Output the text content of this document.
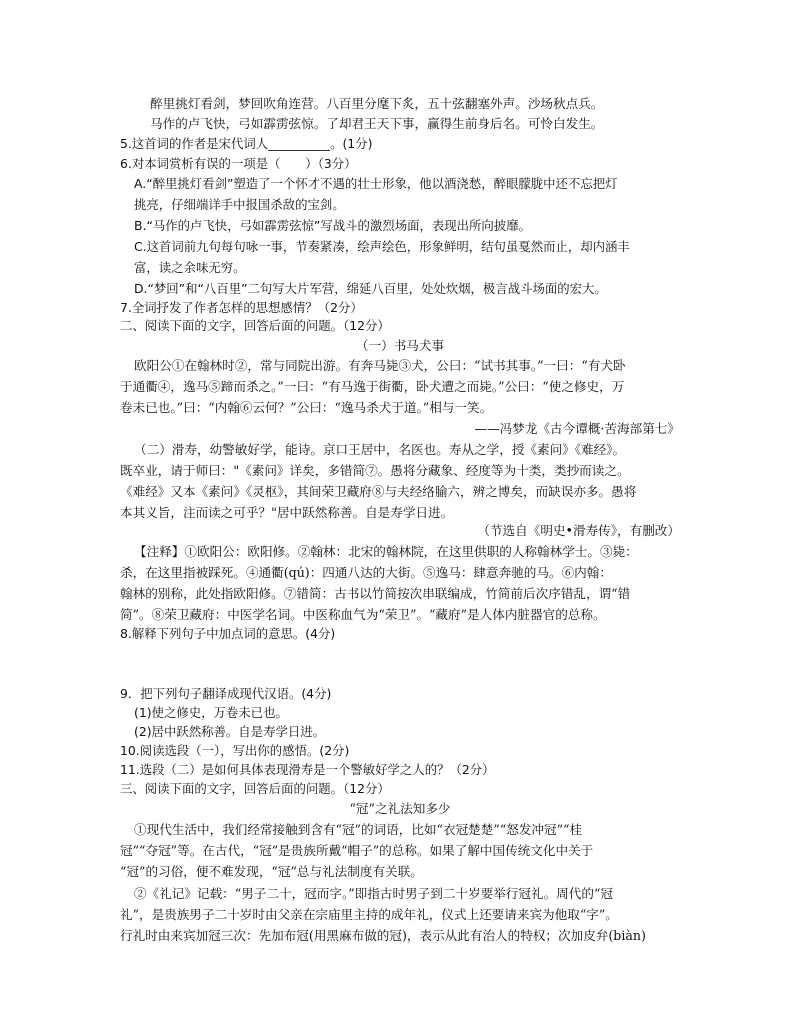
醉里挑灯看剑，梦回吹角连营。八百里分麾下炙，五十弦翻塞外声。沙场秋点兵。
马作的卢飞快，弓如霹雳弦惊。了却君王天下事，赢得生前身后名。可怜白发生。
5.这首词的作者是宋代词人__________。(1分)
6.对本词赏析有误的一项是（　　）（3分）
A.“醉里挑灯看剑”塑造了一个怀才不遇的壮士形象，他以酒浇愁，醉眼朦胧中还不忘把灯
挑亮，仔细端详手中报国杀敌的宝剑。
B.“马作的卢飞快，弓如霹雳弦惊”写战斗的激烈场面，表现出所向披靡。
C.这首词前九句每句咏一事，节奏紧凑，绘声绘色，形象鲜明，结句虽戛然而止，却内涵丰
富，读之余味无穷。
D.“梦回”和“八百里”二句写大片军营，绵延八百里，处处炊烟，极言战斗场面的宏大。
7.全词抒发了作者怎样的思想感情？（2分）
二、阅读下面的文字，回答后面的问题。（12分）
（一）书马犬事
欧阳公①在翰林时②，常与同院出游。有奔马毙③犬，公曰：“试书其事。”一曰：“有犬卧
于通衢④，逸马⑤蹄而杀之。”一曰：“有马逸于街衢，卧犬遭之而毙。”公曰：“使之修史，万
卷未已也。”曰：“内翰⑥云何？”公曰：“逸马杀犬于道。”相与一笑。
——冯梦龙《古今谭概·苦海部第七》
（二）滑寿，幼警敏好学，能诗。京口王居中，名医也。寿从之学，授《素问》《难经》。
既卒业，请于师曰："《素问》详矣，多错简⑦。愚将分藏象、经度等为十类，类抄而读之。
《难经》又本《素问》《灵枢》，其间荣卫藏府⑧与夫经络腧六，辨之博矣，而缺误亦多。愚将
本其义旨，注而读之可乎？"居中跃然称善。自是寿学日进。
（节选自《明史•滑寿传》，有删改）
【注释】①欧阳公：欧阳修。②翰林：北宋的翰林院，在这里供职的人称翰林学士。③毙：
杀，在这里指被踩死。④通衢(qú)：四通八达的大街。⑤逸马：肆意奔驰的马。⑥内翰：
翰林的别称，此处指欧阳修。⑦错简：古书以竹简按次串联编成，竹简前后次序错乱，谓“错
简”。⑧荣卫藏府：中医学名词。中医称血气为“荣卫”。“藏府”是人体内脏器官的总称。
8.解释下列句子中加点词的意思。(4分)
9．把下列句子翻译成现代汉语。(4分)
(1)使之修史，万卷未已也。
(2)居中跃然称善。自是寿学日进。
10.阅读选段（一），写出你的感悟。(2分)
11.选段（二）是如何具体表现滑寿是一个警敏好学之人的？（2分）
三、阅读下面的文字，回答后面的问题。（12分）
“冠”之礼法知多少
①现代生活中，我们经常接触到含有“冠”的词语，比如“衣冠楚楚”“怒发冲冠”“桂
冠”“夺冠”等。在古代，“冠”是贵族所戴“帽子”的总称。如果了解中国传统文化中关于
“冠”的习俗，便不难发现，“冠”总与礼法制度有关联。
②《礼记》记载：“男子二十，冠而字。”即指古时男子到二十岁要举行冠礼。周代的“冠
礼”，是贵族男子二十岁时由父亲在宗庙里主持的成年礼，仪式上还要请来宾为他取“字”。
行礼时由来宾加冠三次：先加布冠(用黑麻布做的冠)，表示从此有治人的特权；次加皮弁(biàn)
